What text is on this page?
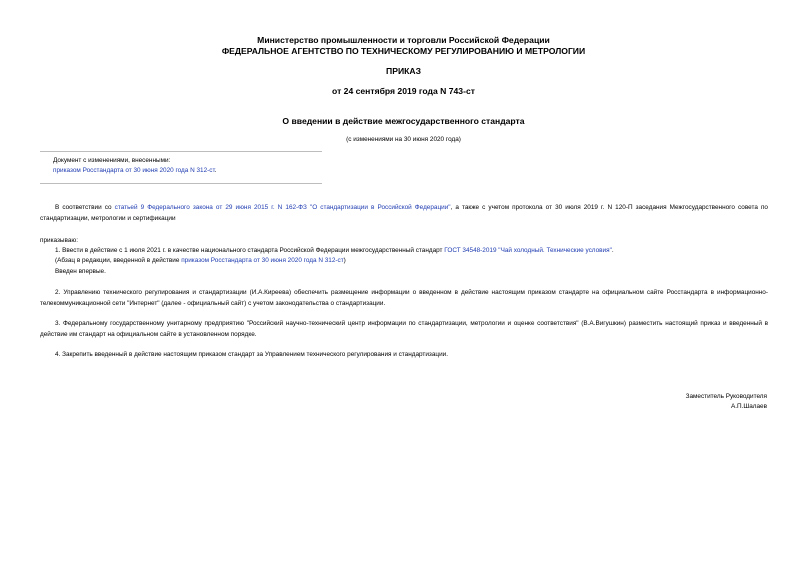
Министерство промышленности и торговли Российской Федерации
ФЕДЕРАЛЬНОЕ АГЕНТСТВО ПО ТЕХНИЧЕСКОМУ РЕГУЛИРОВАНИЮ И МЕТРОЛОГИИ
ПРИКАЗ
от 24 сентября 2019 года N 743-ст
О введении в действие межгосударственного стандарта
(с изменениями на 30 июня 2020 года)
Документ с изменениями, внесенными:
приказом Росстандарта от 30 июня 2020 года N 312-ст.
В соответствии со статьей 9 Федерального закона от 29 июня 2015 г. N 162-ФЗ "О стандартизации в Российской Федерации", а также с учетом протокола от 30 июля 2019 г. N 120-П заседания Межгосударственного совета по стандартизации, метрологии и сертификации
приказываю:
1. Ввести в действие с 1 июля 2021 г. в качестве национального стандарта Российской Федерации межгосударственный стандарт ГОСТ 34548-2019 "Чай холодный. Технические условия".
(Абзац в редакции, введенной в действие приказом Росстандарта от 30 июня 2020 года N 312-ст)
Введен впервые.
2. Управлению технического регулирования и стандартизации (И.А.Киреева) обеспечить размещение информации о введенном в действие настоящим приказом стандарте на официальном сайте Росстандарта в информационно-телекоммуникационной сети "Интернет" (далее - официальный сайт) с учетом законодательства о стандартизации.
3. Федеральному государственному унитарному предприятию "Российский научно-технический центр информации по стандартизации, метрологии и оценке соответствия" (В.А.Вигушкин) разместить настоящий приказ и введенный в действие им стандарт на официальном сайте в установленном порядке.
4. Закрепить введенный в действие настоящим приказом стандарт за Управлением технического регулирования и стандартизации.
Заместитель Руководителя
А.П.Шалаев
